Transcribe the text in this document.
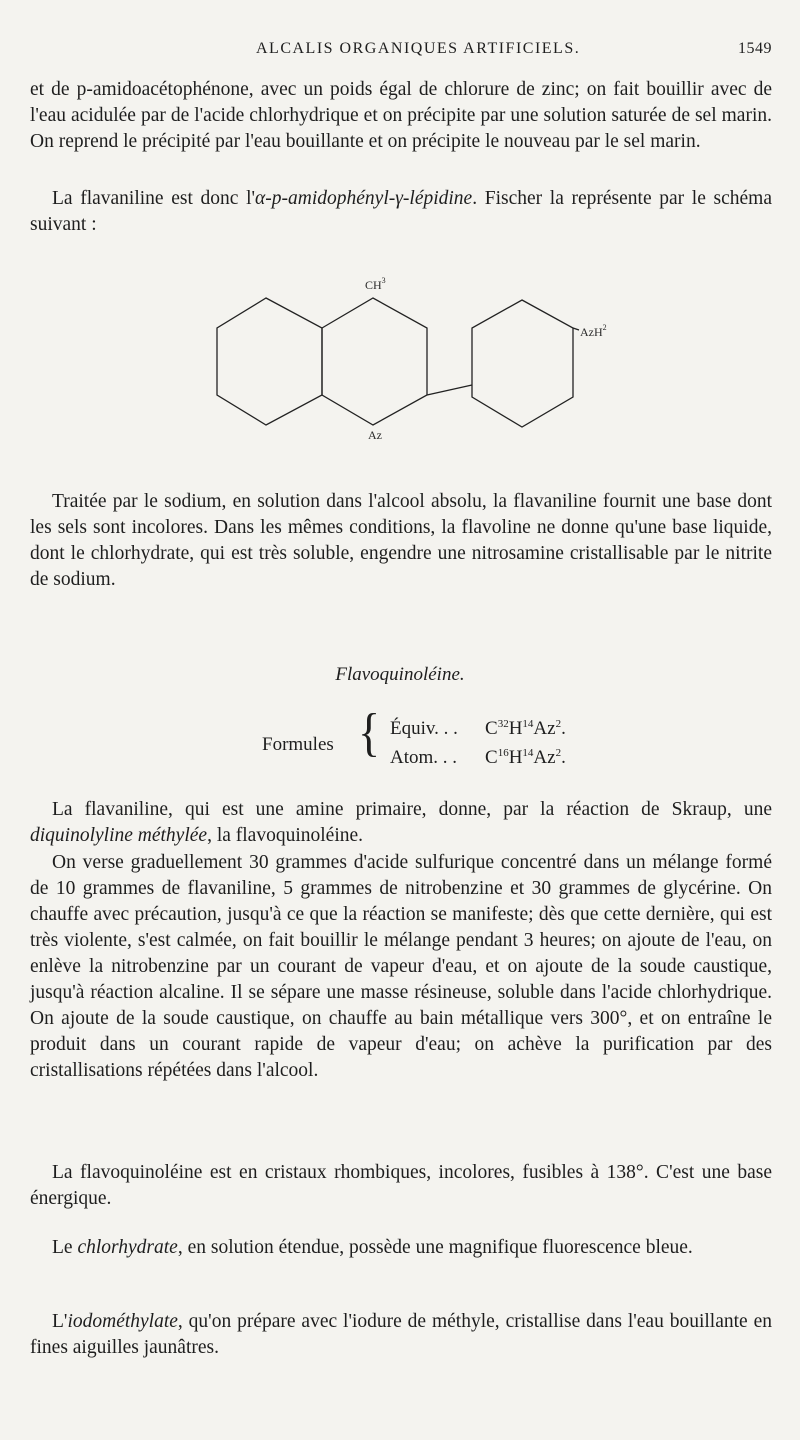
ALCALIS ORGANIQUES ARTIFICIELS.	1549

et de p-amidoacétophénone, avec un poids égal de chlorure de zinc; on fait bouillir avec de l'eau acidulée par de l'acide chlorhydrique et on précipite par une solution saturée de sel marin. On reprend le précipité par l'eau bouillante et on précipite le nouveau par le sel marin.

La flavaniline est donc l'α-p-amidophényl-γ-lépidine. Fischer la représente par le schéma suivant :

$CH^3$
Az
AzH$^2$

Traitée par le sodium, en solution dans l'alcool absolu, la flavaniline fournit une base dont les sels sont incolores. Dans les mêmes conditions, la flavoline ne donne qu'une base liquide, dont le chlorhydrate, qui est très soluble, engendre une nitrosamine cristallisable par le nitrite de sodium.

Flavoquinoléine.
Formules { Équiv. . . $C^{32}H^{14}Az^2$.
Atom. . . $C^{16}H^{14}Az^2$.

La flavaniline, qui est une amine primaire, donne, par la réaction de Skraup, une diquinolyline méthylée, la flavoquinoléine.

On verse graduellement 30 grammes d'acide sulfurique concentré dans un mélange formé de 10 grammes de flavaniline, 5 grammes de nitrobenzine et 30 grammes de glycérine. On chauffe avec précaution, jusqu'à ce que la réaction se manifeste; dès que cette dernière, qui est très violente, s'est calmée, on fait bouillir le mélange pendant 3 heures; on ajoute de l'eau, on enlève la nitrobenzine par un courant de vapeur d'eau, et on ajoute de la soude caustique, jusqu'à réaction alcaline. Il se sépare une masse résineuse, soluble dans l'acide chlorhydrique. On ajoute de la soude caustique, on chauffe au bain métallique vers 300°, et on entraîne le produit dans un courant rapide de vapeur d'eau; on achève la purification par des cristallisations répétées dans l'alcool.

La flavoquinoléine est en cristaux rhombiques, incolores, fusibles à 138°. C'est une base énergique.

Le chlorhydrate, en solution étendue, possède une magnifique fluorescence bleue.

L'iodométhylate, qu'on prépare avec l'iodure de méthyle, cristallise dans l'eau bouillante en fines aiguilles jaunâtres.
